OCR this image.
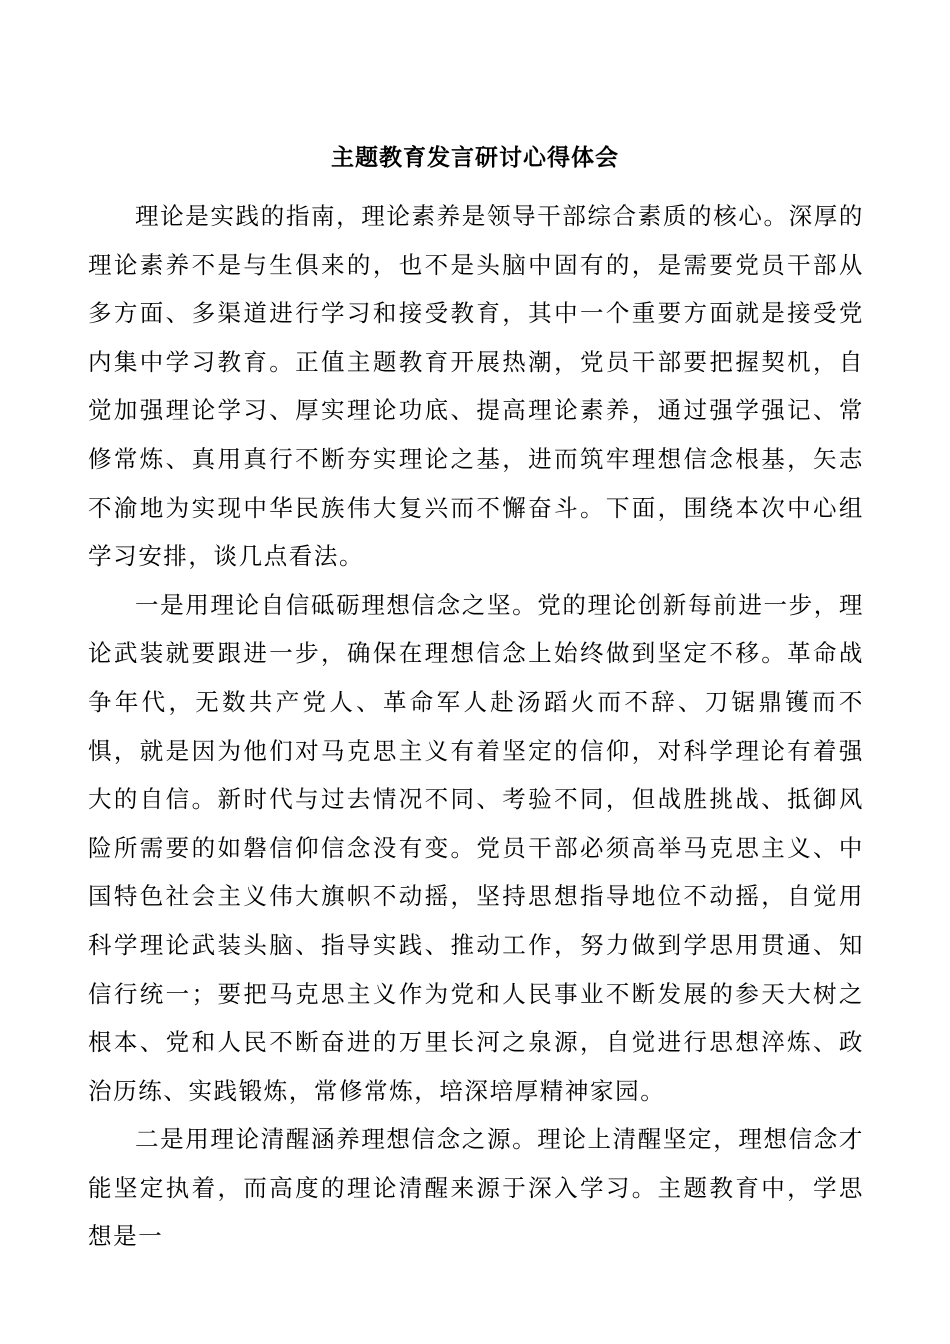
主题教育发言研讨心得体会

理论是实践的指南，理论素养是领导干部综合素质的核心。深厚的理论素养不是与生俱来的，也不是头脑中固有的，是需要党员干部从多方面、多渠道进行学习和接受教育，其中一个重要方面就是接受党内集中学习教育。正值主题教育开展热潮，党员干部要把握契机，自觉加强理论学习、厚实理论功底、提高理论素养，通过强学强记、常修常炼、真用真行不断夯实理论之基，进而筑牢理想信念根基，矢志不渝地为实现中华民族伟大复兴而不懈奋斗。下面，围绕本次中心组学习安排，谈几点看法。

一是用理论自信砥砺理想信念之坚。党的理论创新每前进一步，理论武装就要跟进一步，确保在理想信念上始终做到坚定不移。革命战争年代，无数共产党人、革命军人赴汤蹈火而不辞、刀锯鼎镬而不惧，就是因为他们对马克思主义有着坚定的信仰，对科学理论有着强大的自信。新时代与过去情况不同、考验不同，但战胜挑战、抵御风险所需要的如磐信仰信念没有变。党员干部必须高举马克思主义、中国特色社会主义伟大旗帜不动摇，坚持思想指导地位不动摇，自觉用科学理论武装头脑、指导实践、推动工作，努力做到学思用贯通、知信行统一；要把马克思主义作为党和人民事业不断发展的参天大树之根本、党和人民不断奋进的万里长河之泉源，自觉进行思想淬炼、政治历练、实践锻炼，常修常炼，培深培厚精神家园。

二是用理论清醒涵养理想信念之源。理论上清醒坚定，理想信念才能坚定执着，而高度的理论清醒来源于深入学习。主题教育中，学思想是一
